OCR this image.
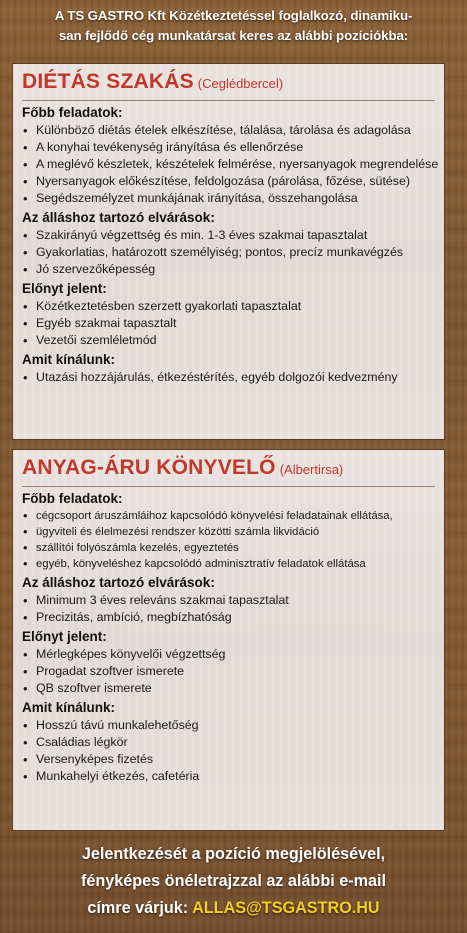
A TS GASTRO Kft Közétkeztetéssel foglalkozó, dinamiku-
san fejlődő cég munkatársat keres az alábbi pozíciókba:
DIÉTÁS SZAKÁS (Ceglédbercel)
Főbb feladatok:
• Különböző diétás ételek elkészítése, tálalása, tárolása és adagolása
• A konyhai tevékenység irányítása és ellenőrzése
• A meglévő készletek, készételek felmérése, nyersanyagok megrendelése
• Nyersanyagok előkészítése, feldolgozása (párolása, főzése, sütése)
• Segédszemélyzet munkájának irányítása, összehangolása
Az álláshoz tartozó elvárások:
• Szakirányú végzettség és min. 1-3 éves szakmai tapasztalat
• Gyakorlatias, határozott személyiség; pontos, precíz munkavégzés
• Jó szervezőképesség
Előnyt jelent:
• Közétkeztetésben szerzett gyakorlati tapasztalat
• Egyéb szakmai tapasztalt
• Vezetői szemléletmód
Amit kínálunk:
• Utazási hozzájárulás, étkezéstérítés, egyéb dolgozói kedvezmény
ANYAG-ÁRU KÖNYVELŐ (Albertirsa)
Főbb feladatok:
• cégcsoport áruszámláihoz kapcsolódó könyvelési feladatainak ellátása,
• ügyviteli és élelmezési rendszer közötti számla likvidáció
• szállítói folyószámla kezelés, egyeztetés
• egyéb, könyveléshez kapcsolódó adminisztratív feladatok ellátása
Az álláshoz tartozó elvárások:
• Minimum 3 éves releváns szakmai tapasztalat
• Precizitás, ambíció, megbízhatóság
Előnyt jelent:
• Mérlegképes könyvelői végzettség
• Progadat szoftver ismerete
• QB szoftver ismerete
Amit kínálunk:
• Hosszú távú munkalehetőség
• Családias légkör
• Versenyképes fizetés
• Munkahelyi étkezés, cafetéria
Jelentkezését a pozíció megjelölésével,
fényképes önéletrajzzal az alábbi e-mail
címre várjuk: ALLAS@TSGASTRO.HU
